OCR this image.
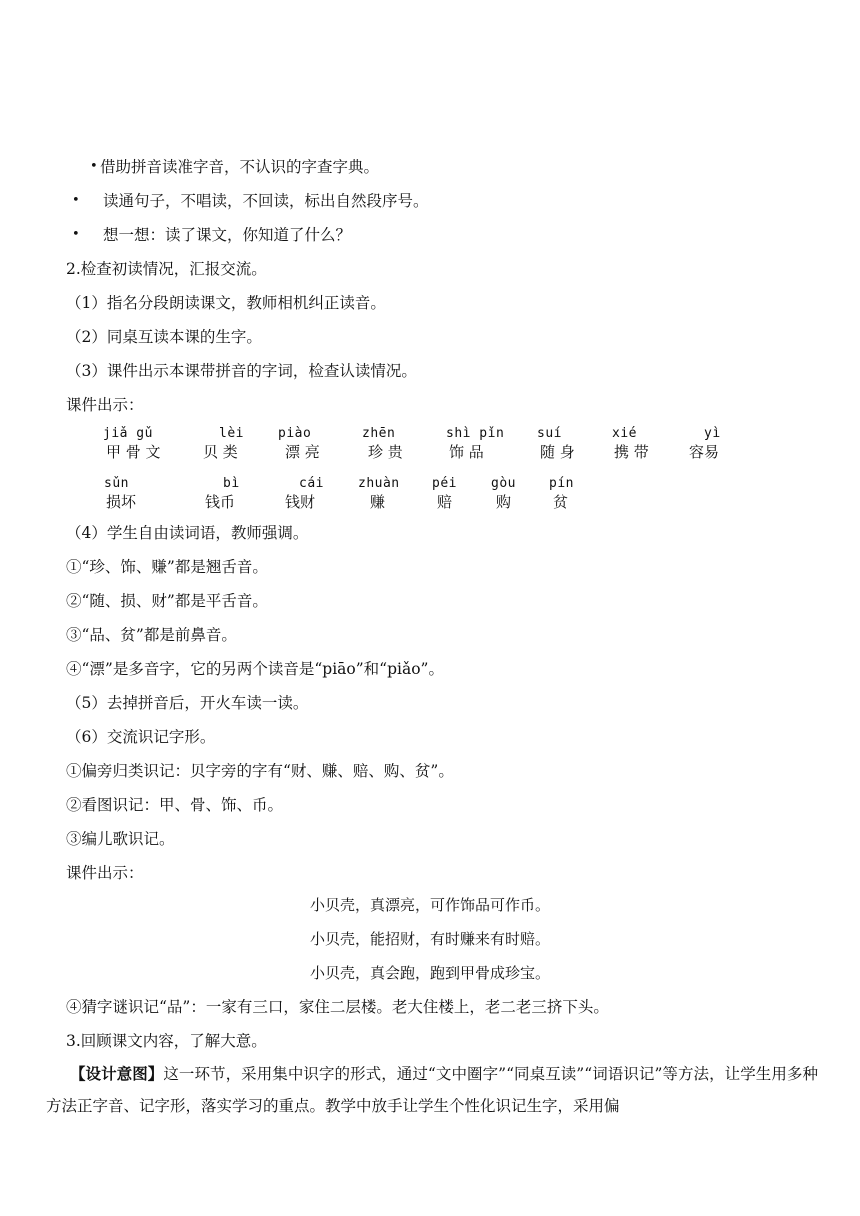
• 借助拼音读准字音，不认识的字查字典。
• 读通句子，不唱读，不回读，标出自然段序号。
• 想一想：读了课文，你知道了什么？
2.检查初读情况，汇报交流。
（1）指名分段朗读课文，教师相机纠正读音。
（2）同桌互读本课的生字。
（3）课件出示本课带拼音的字词，检查认读情况。
课件出示：
jiǎ gǔ
甲 骨 文
lèi
贝 类
piào
漂 亮
zhēn
珍 贵
shì pǐn
饰 品
suí
随 身
xié
携 带
yì
容易
sǔn
损坏
bì
钱币
cái
钱财
zhuàn
赚
péi
赔
gòu
购
pín
贫
（4）学生自由读词语，教师强调。
①“珍、饰、赚”都是翘舌音。
②“随、损、财”都是平舌音。
③“品、贫”都是前鼻音。
④“漂”是多音字，它的另两个读音是“piāo”和“piǎo”。
（5）去掉拼音后，开火车读一读。
（6）交流识记字形。
①偏旁归类识记：贝字旁的字有“财、赚、赔、购、贫”。
②看图识记：甲、骨、饰、币。
③编儿歌识记。
课件出示：
小贝壳，真漂亮，可作饰品可作币。
小贝壳，能招财，有时赚来有时赔。
小贝壳，真会跑，跑到甲骨成珍宝。
④猜字谜识记“品”：一家有三口，家住二层楼。老大住楼上，老二老三挤下头。
3.回顾课文内容，了解大意。
【设计意图】这一环节，采用集中识字的形式，通过“文中圈字”“同桌互读”“词语识记”等方法，让学生用多种方法正字音、记字形，落实学习的重点。教学中放手让学生个性化识记生字，采用偏
